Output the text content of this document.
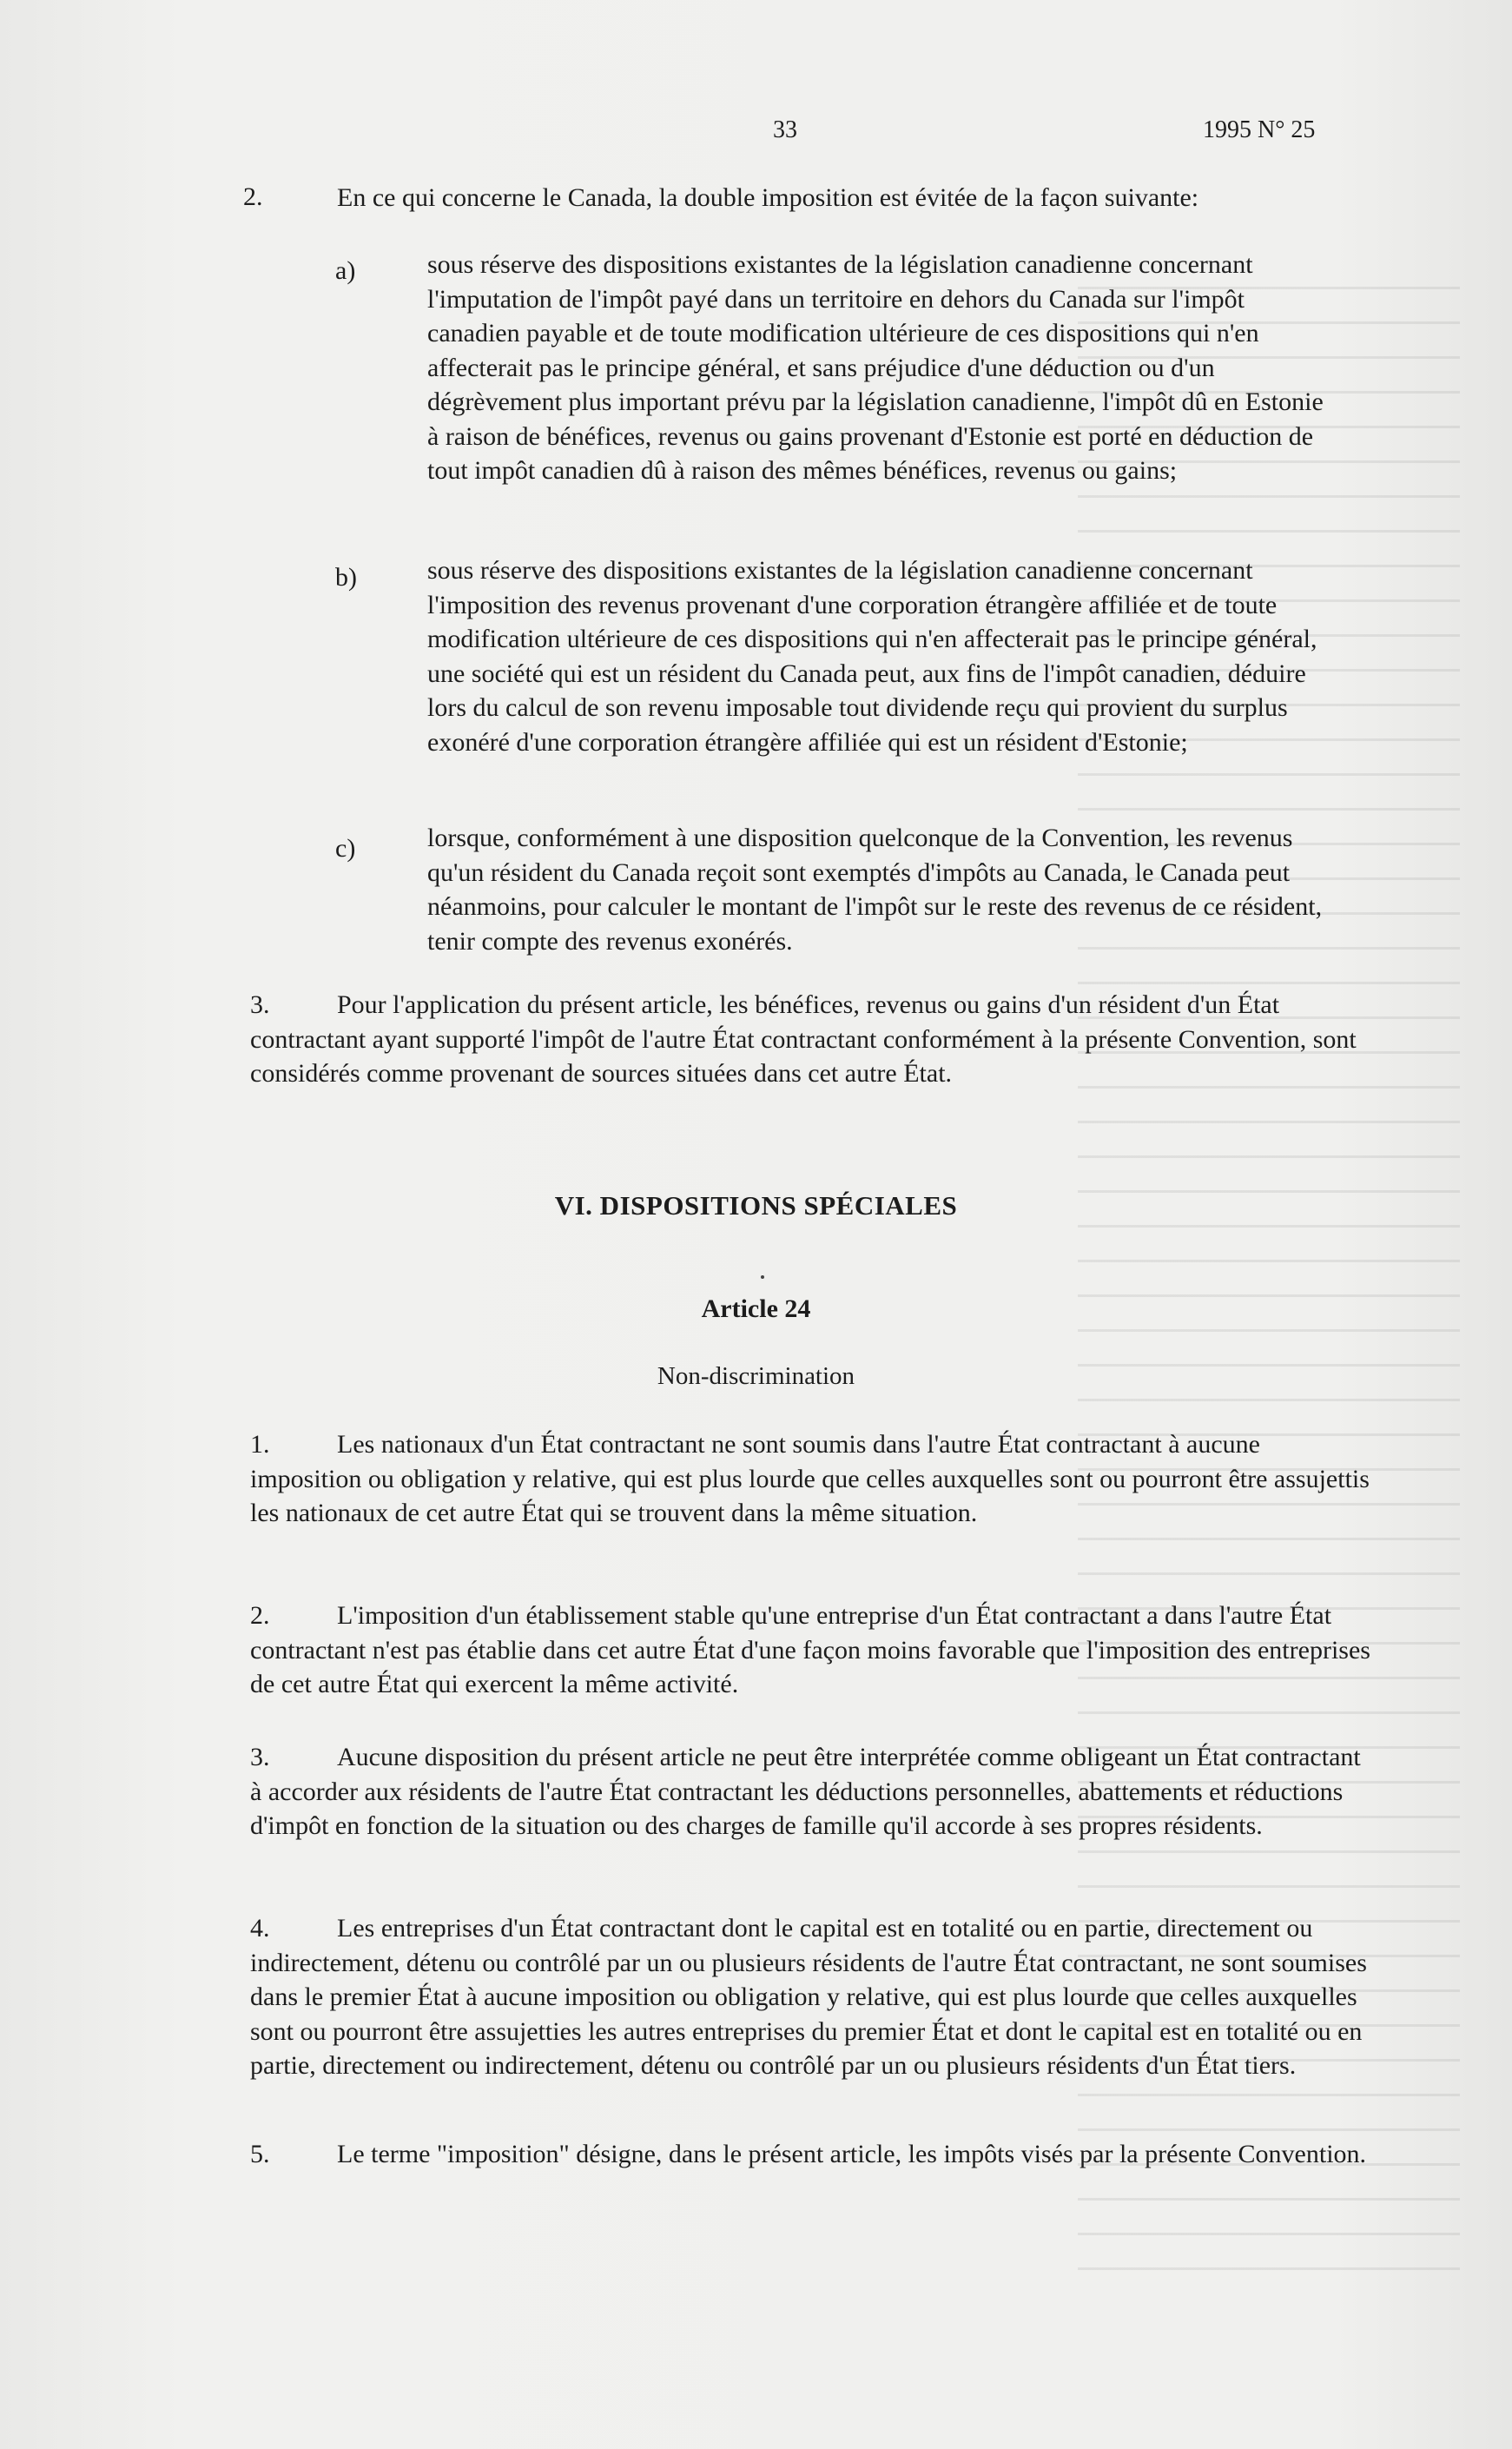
33	1995 N° 25
2.	En ce qui concerne le Canada, la double imposition est évitée de la façon suivante:

a)	sous réserve des dispositions existantes de la législation canadienne concernant l'imputation de l'impôt payé dans un territoire en dehors du Canada sur l'impôt canadien payable et de toute modification ultérieure de ces dispositions qui n'en affecterait pas le principe général, et sans préjudice d'une déduction ou d'un dégrèvement plus important prévu par la législation canadienne, l'impôt dû en Estonie à raison de bénéfices, revenus ou gains provenant d'Estonie est porté en déduction de tout impôt canadien dû à raison des mêmes bénéfices, revenus ou gains;

b)	sous réserve des dispositions existantes de la législation canadienne concernant l'imposition des revenus provenant d'une corporation étrangère affiliée et de toute modification ultérieure de ces dispositions qui n'en affecterait pas le principe général, une société qui est un résident du Canada peut, aux fins de l'impôt canadien, déduire lors du calcul de son revenu imposable tout dividende reçu qui provient du surplus exonéré d'une corporation étrangère affiliée qui est un résident d'Estonie;

c)	lorsque, conformément à une disposition quelconque de la Convention, les revenus qu'un résident du Canada reçoit sont exemptés d'impôts au Canada, le Canada peut néanmoins, pour calculer le montant de l'impôt sur le reste des revenus de ce résident, tenir compte des revenus exonérés.

3.	Pour l'application du présent article, les bénéfices, revenus ou gains d'un résident d'un État contractant ayant supporté l'impôt de l'autre État contractant conformément à la présente Convention, sont considérés comme provenant de sources situées dans cet autre État.

VI. DISPOSITIONS SPÉCIALES
Article 24
Non-discrimination

1.	Les nationaux d'un État contractant ne sont soumis dans l'autre État contractant à aucune imposition ou obligation y relative, qui est plus lourde que celles auxquelles sont ou pourront être assujettis les nationaux de cet autre État qui se trouvent dans la même situation.

2.	L'imposition d'un établissement stable qu'une entreprise d'un État contractant a dans l'autre État contractant n'est pas établie dans cet autre État d'une façon moins favorable que l'imposition des entreprises de cet autre État qui exercent la même activité.

3.	Aucune disposition du présent article ne peut être interprétée comme obligeant un État contractant à accorder aux résidents de l'autre État contractant les déductions personnelles, abattements et réductions d'impôt en fonction de la situation ou des charges de famille qu'il accorde à ses propres résidents.

4.	Les entreprises d'un État contractant dont le capital est en totalité ou en partie, directement ou indirectement, détenu ou contrôlé par un ou plusieurs résidents de l'autre État contractant, ne sont soumises dans le premier État à aucune imposition ou obligation y relative, qui est plus lourde que celles auxquelles sont ou pourront être assujetties les autres entreprises du premier État et dont le capital est en totalité ou en partie, directement ou indirectement, détenu ou contrôlé par un ou plusieurs résidents d'un État tiers.

5.	Le terme "imposition" désigne, dans le présent article, les impôts visés par la présente Convention.
